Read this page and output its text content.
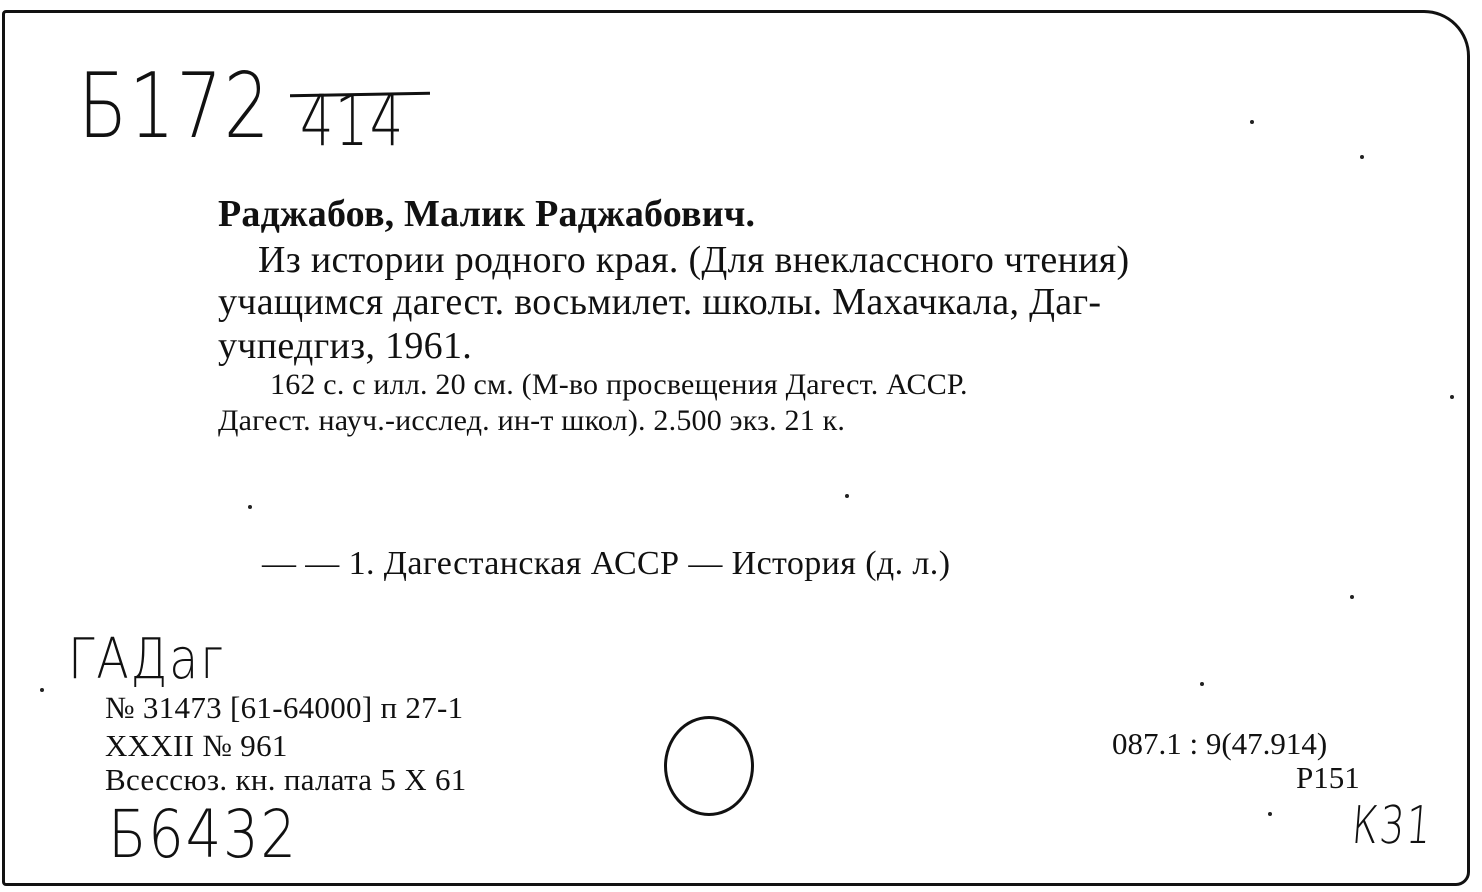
Б172 414
Раджабов, Малик Раджабович.
Из истории родного края. (Для внеклассного чтения)
учащимся дагест. восьмилет. школы. Махачкала, Даг-
учпедгиз, 1961.
162 с. с илл. 20 см. (М-во просвещения Дагест. АССР.
Дагест. науч.-исслед. ин-т школ). 2.500 экз. 21 к.
— — 1. Дагестанская АССР — История (д. л.)
ГАДаг
№ 31473 [61-64000] п 27-1
XXXII № 961
Всессюз. кн. палата 5 X 61
087.1 : 9(47.914)
Р151
Б6432	К31
